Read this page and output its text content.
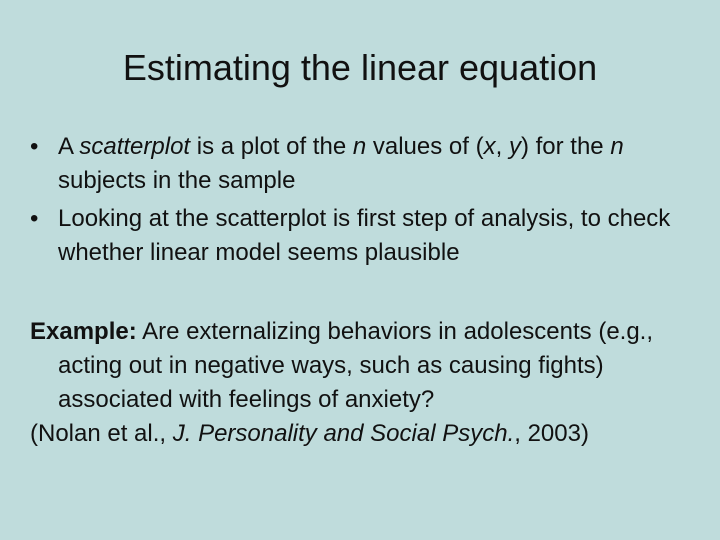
Estimating the linear equation
• A scatterplot is a plot of the n values of (x, y) for the n subjects in the sample
• Looking at the scatterplot is first step of analysis, to check whether linear model seems plausible

Example: Are externalizing behaviors in adolescents (e.g., acting out in negative ways, such as causing fights) associated with feelings of anxiety?

(Nolan et al., J. Personality and Social Psych., 2003)
